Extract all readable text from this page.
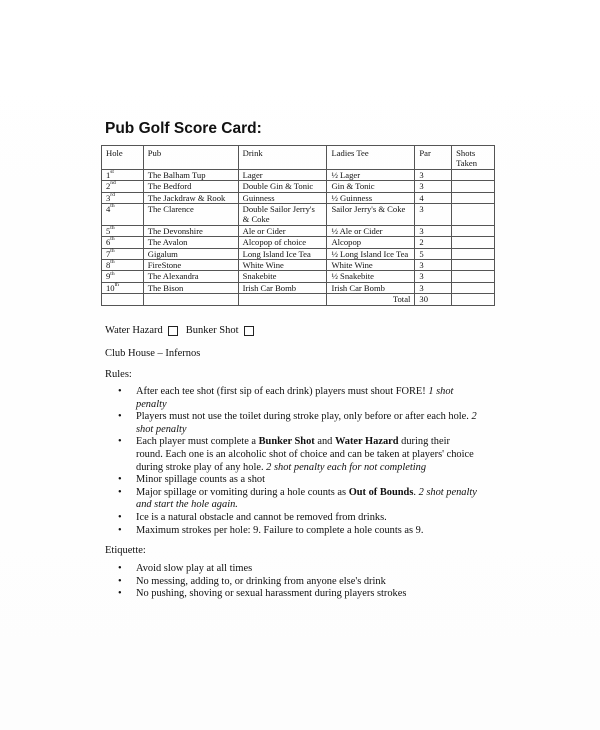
Pub Golf Score Card:
Hole	Pub	Drink	Ladies Tee	Par	Shots Taken
1st	The Balham Tup	Lager	½ Lager	3	
2nd	The Bedford	Double Gin & Tonic	Gin & Tonic	3	
3rd	The Jackdraw & Rook	Guinness	½ Guinness	4	
4th	The Clarence	Double Sailor Jerry's & Coke	Sailor Jerry's & Coke	3	
5th	The Devonshire	Ale or Cider	½ Ale or Cider	3	
6th	The Avalon	Alcopop of choice	Alcopop	2	
7th	Gigalum	Long Island Ice Tea	½ Long Island Ice Tea	5	
8th	FireStone	White Wine	White Wine	3	
9th	The Alexandra	Snakebite	½ Snakebite	3	
10th	The Bison	Irish Car Bomb	Irish Car Bomb	3	
			Total	30	
Water Hazard Bunker Shot
Club House – Infernos
Rules:
• After each tee shot (first sip of each drink) players must shout FORE! 1 shot penalty
• Players must not use the toilet during stroke play, only before or after each hole. 2 shot penalty
• Each player must complete a Bunker Shot and Water Hazard during their round. Each one is an alcoholic shot of choice and can be taken at players' choice during stroke play of any hole. 2 shot penalty each for not completing
• Minor spillage counts as a shot
• Major spillage or vomiting during a hole counts as Out of Bounds. 2 shot penalty and start the hole again.
• Ice is a natural obstacle and cannot be removed from drinks.
• Maximum strokes per hole: 9. Failure to complete a hole counts as 9.
Etiquette:
• Avoid slow play at all times
• No messing, adding to, or drinking from anyone else's drink
• No pushing, shoving or sexual harassment during players strokes
